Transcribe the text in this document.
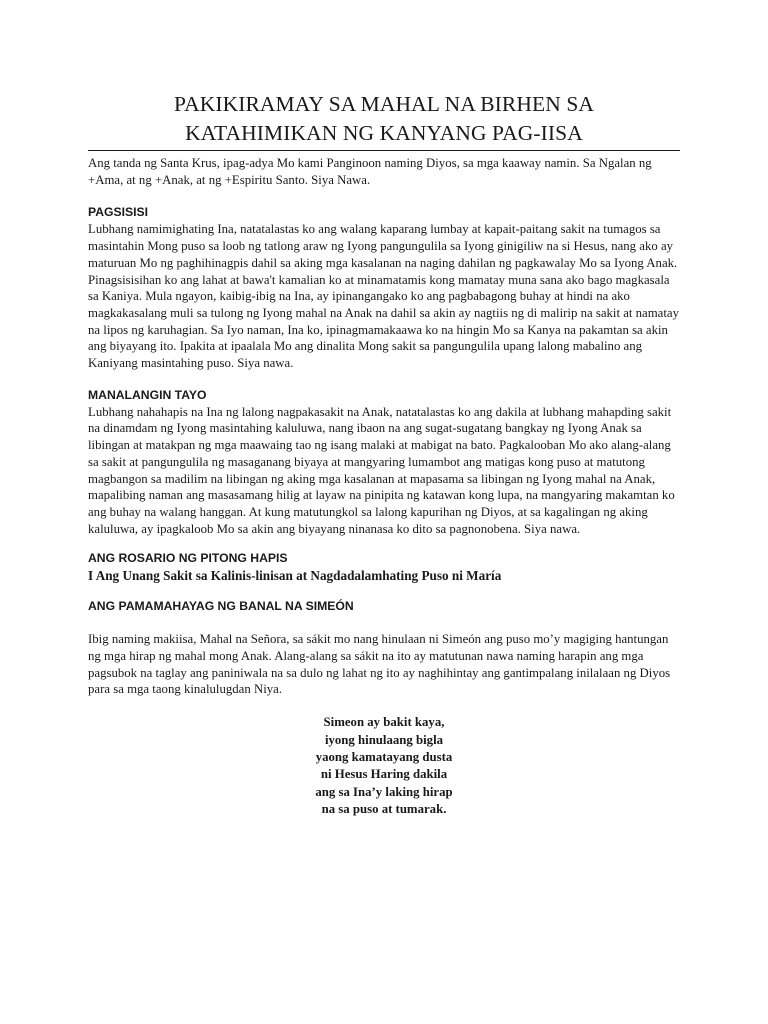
PAKIKIRAMAY SA MAHAL NA BIRHEN SA
KATAHIMIKAN NG KANYANG PAG-IISA

Ang tanda ng Santa Krus, ipag-adya Mo kami Panginoon naming Diyos, sa mga kaaway namin. Sa Ngalan ng +Ama, at ng +Anak, at ng +Espiritu Santo. Siya Nawa.

PAGSISISI

Lubhang namimighating Ina, natatalastas ko ang walang kaparang lumbay at kapait-paitang sakit na tumagos sa masintahin Mong puso sa loob ng tatlong araw ng Iyong pangungulila sa Iyong ginigiliw na si Hesus, nang ako ay maturuan Mo ng paghihinagpis dahil sa aking mga kasalanan na naging dahilan ng pagkawalay Mo sa Iyong Anak. Pinagsisisihan ko ang lahat at bawa't kamalian ko at minamatamis kong mamatay muna sana ako bago magkasala sa Kaniya. Mula ngayon, kaibig-ibig na Ina, ay ipinangangako ko ang pagbabagong buhay at hindi na ako magkakasalang muli sa tulong ng Iyong mahal na Anak na dahil sa akin ay nagtiis ng di malirip na sakit at namatay na lipos ng karuhagian. Sa Iyo naman, Ina ko, ipinagmamakaawa ko na hingin Mo sa Kanya na pakamtan sa akin ang biyayang ito. Ipakita at ipaalala Mo ang dinalita Mong sakit sa pangungulila upang lalong mabalino ang Kaniyang masintahing puso. Siya nawa.

MANALANGIN TAYO

Lubhang nahahapis na Ina ng lalong nagpakasakit na Anak, natatalastas ko ang dakila at lubhang mahapding sakit na dinamdam ng Iyong masintahing kaluluwa, nang ibaon na ang sugat-sugatang bangkay ng Iyong Anak sa libingan at matakpan ng mga maawaing tao ng isang malaki at mabigat na bato. Pagkalooban Mo ako alang-alang sa sakit at pangungulila ng masaganang biyaya at mangyaring lumambot ang matigas kong puso at matutong magbangon sa madilim na libingan ng aking mga kasalanan at mapasama sa libingan ng Iyong mahal na Anak, mapalibing naman ang masasamang hilig at layaw na pinipita ng katawan kong lupa, na mangyaring makamtan ko ang buhay na walang hanggan. At kung matutungkol sa lalong kapurihan ng Diyos, at sa kagalingan ng aking kaluluwa, ay ipagkaloob Mo sa akin ang biyayang ninanasa ko dito sa pagnonobena. Siya nawa.

ANG ROSARIO NG PITONG HAPIS
I Ang Unang Sakit sa Kalinis-linisan at Nagdadalamhating Puso ni María
ANG PAMAMAHAYAG NG BANAL NA SIMEÓN

Ibig naming makiisa, Mahal na Señora, sa sákit mo nang hinulaan ni Simeón ang puso mo’y magiging hantungan ng mga hirap ng mahal mong Anak. Alang-alang sa sákit na ito ay matutunan nawa naming harapin ang mga pagsubok na taglay ang paniniwala na sa dulo ng lahat ng ito ay naghihintay ang gantimpalang inilalaan ng Diyos para sa mga taong kinalulugdan Niya.

Simeon ay bakit kaya,
iyong hinulaang bigla
yaong kamatayang dusta
ni Hesus Haring dakila
ang sa Ina’y laking hirap
na sa puso at tumarak.
